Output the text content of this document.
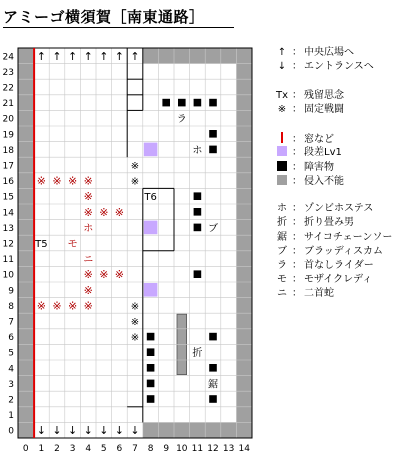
アミーゴ横須賀［南東通路］
※ ※ ※ ※
※
※ ※ ※
※ ※ ※
※
※ ※ ※ ※
※
※
※
※
※
ラ
ホ
T6
ホ	ブ
T5 モ
ニ
折
鋸
↑ ↑ ↑ ↑ ↑ ↑ ↑
↓ ↓ ↓ ↓ ↓ ↓ ↓
24
23
22
21
20
19
18
17
16
15
14
13
12
11
10
9
8
7
6
5
4
3
2
1
0
0 1 2 3 4 5 6 7 8 9 10 11 12 13 14
↑ ： 中央広場へ
↓ ： エントランスへ
Tx ： 残留思念
※ ： 固定戦闘
： 窓など
： 段差Lv1
： 障害物
： 侵入不能
ホ ： ゾンビホステス
折 ： 折り畳み男
鋸 ： サイコチェーンソー
ブ ： ブラッディスカム
ラ ： 首なしライダー
モ ： モザイクレディ
ニ ： 二首蛇
